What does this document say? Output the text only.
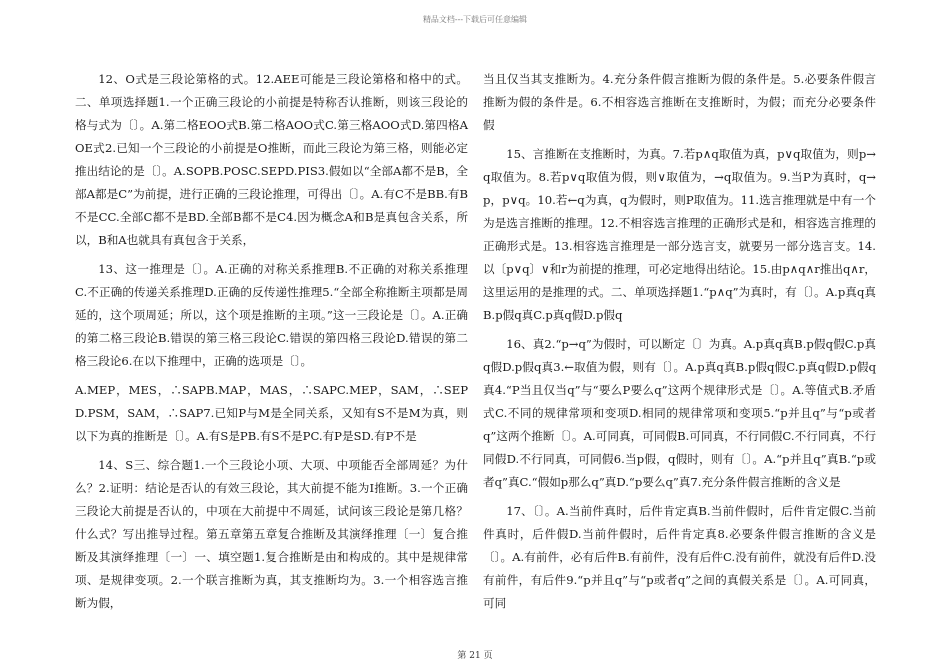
精品文档---下载后可任意编辑

12、O式是三段论第格的式。12.AEE可能是三段论第格和格中的式。二、单项选择题1.一个正确三段论的小前提是特称否认推断，则该三段论的格与式为〔〕。A.第二格EOO式B.第二格AOO式C.第三格AOO式D.第四格AOE式2.已知一个三段论的小前提是O推断，而此三段论为第三格，则能必定推出结论的是〔〕。A.SOPB.POSC.SEPD.PIS3.假如以“全部A都不是B，全部A都是C”为前提，进行正确的三段论推理，可得出〔〕。A.有C不是BB.有B不是CC.全部C都不是BD.全部B都不是C4.因为概念A和B是真包含关系，所以，B和A也就具有真包含于关系，

13、这一推理是〔〕。A.正确的对称关系推理B.不正确的对称关系推理C.不正确的传递关系推理D.正确的反传递性推理5.“全部全称推断主项都是周延的，这个项周延；所以，这个项是推断的主项。”这一三段论是〔〕。A.正确的第二格三段论B.错误的第三格三段论C.错误的第四格三段论D.错误的第二格三段论6.在以下推理中，正确的选项是〔〕。

A.MEP，MES，∴SAPB.MAP，MAS，∴SAPC.MEP，SAM，∴SEPD.PSM，SAM，∴SAP7.已知P与M是全同关系，又知有S不是M为真，则以下为真的推断是〔〕。A.有S是PB.有S不是PC.有P是SD.有P不是

14、S三、综合题1.一个三段论小项、大项、中项能否全部周延？为什么？2.证明：结论是否认的有效三段论，其大前提不能为I推断。3.一个正确三段论大前提是否认的，中项在大前提中不周延，试问该三段论是第几格？什么式？写出推导过程。第五章第五章复合推断及其演绎推理〔一〕复合推断及其演绎推理〔一〕一、填空题1.复合推断是由和构成的。其中是规律常项、是规律变项。2.一个联言推断为真，其支推断均为。3.一个相容选言推断为假，

当且仅当其支推断为。4.充分条件假言推断为假的条件是。5.必要条件假言推断为假的条件是。6.不相容选言推断在支推断时，为假；而充分必要条件假

15、言推断在支推断时，为真。7.若p∧q取值为真，p∨q取值为，则p→q取值为。8.若p∨q取值为假，则∨取值为，→q取值为。9.当P为真时，q→p，p∨q。10.若←q为真，q为假时，则P取值为。11.选言推理就是中有一个为是选言推断的推理。12.不相容选言推理的正确形式是和，相容选言推理的正确形式是。13.相容选言推理是一部分选言支，就要另一部分选言支。14.以〔p∨q〕∨和r为前提的推理，可必定地得出结论。15.由p∧q∧r推出q∧r，这里运用的是推理的式。二、单项选择题1.“p∧q”为真时，有〔〕。A.p真q真B.p假q真C.p真q假D.p假q

16、真2.“p→q”为假时，可以断定〔〕为真。A.p真q真B.p假q假C.p真q假D.p假q真3.←取值为假，则有〔〕。A.p真q真B.p假q假C.p真q假D.p假q真4.“P当且仅当q”与“要么P要么q”这两个规律形式是〔〕。A.等值式B.矛盾式C.不同的规律常项和变项D.相同的规律常项和变项5.“p并且q”与“p或者q”这两个推断〔〕。A.可同真，可同假B.可同真，不行同假C.不行同真，不行同假D.不行同真，可同假6.当p假，q假时，则有〔〕。A.“p并且q”真B.“p或者q”真C.“假如p那么q”真D.“p要么q”真7.充分条件假言推断的含义是

17、〔〕。A.当前件真时，后件肯定真B.当前件假时，后件肯定假C.当前件真时，后件假D.当前件假时，后件肯定真8.必要条件假言推断的含义是〔〕。A.有前件，必有后件B.有前件，没有后件C.没有前件，就没有后件D.没有前件，有后件9.“p并且q”与“p或者q”之间的真假关系是〔〕。A.可同真，可同

第 21 页
